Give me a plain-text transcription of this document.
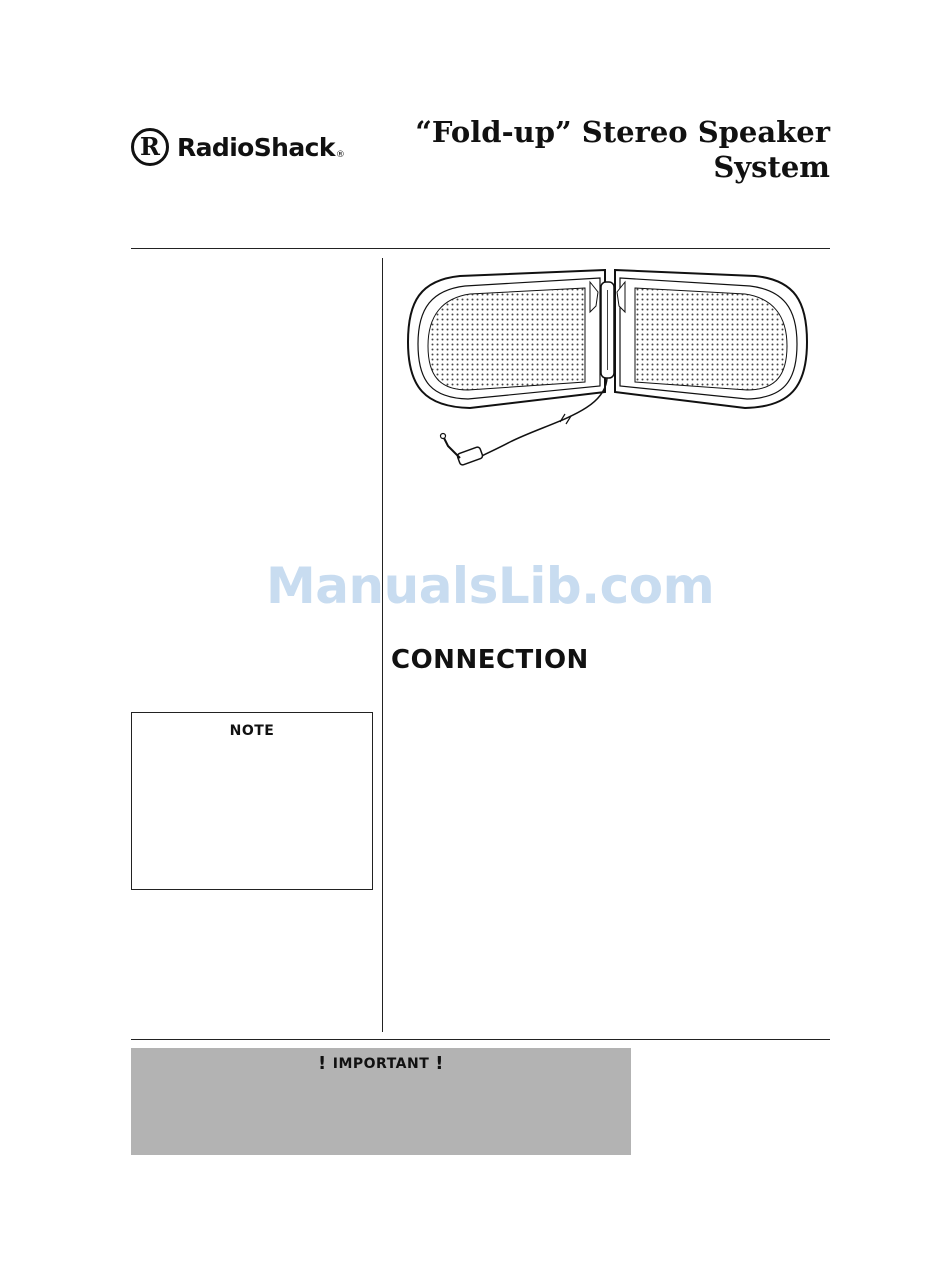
R RadioShack ®
“Fold-up” Stereo Speaker
System
ManualsLib.com
CONNECTION
NOTE
! IMPORTANT !
